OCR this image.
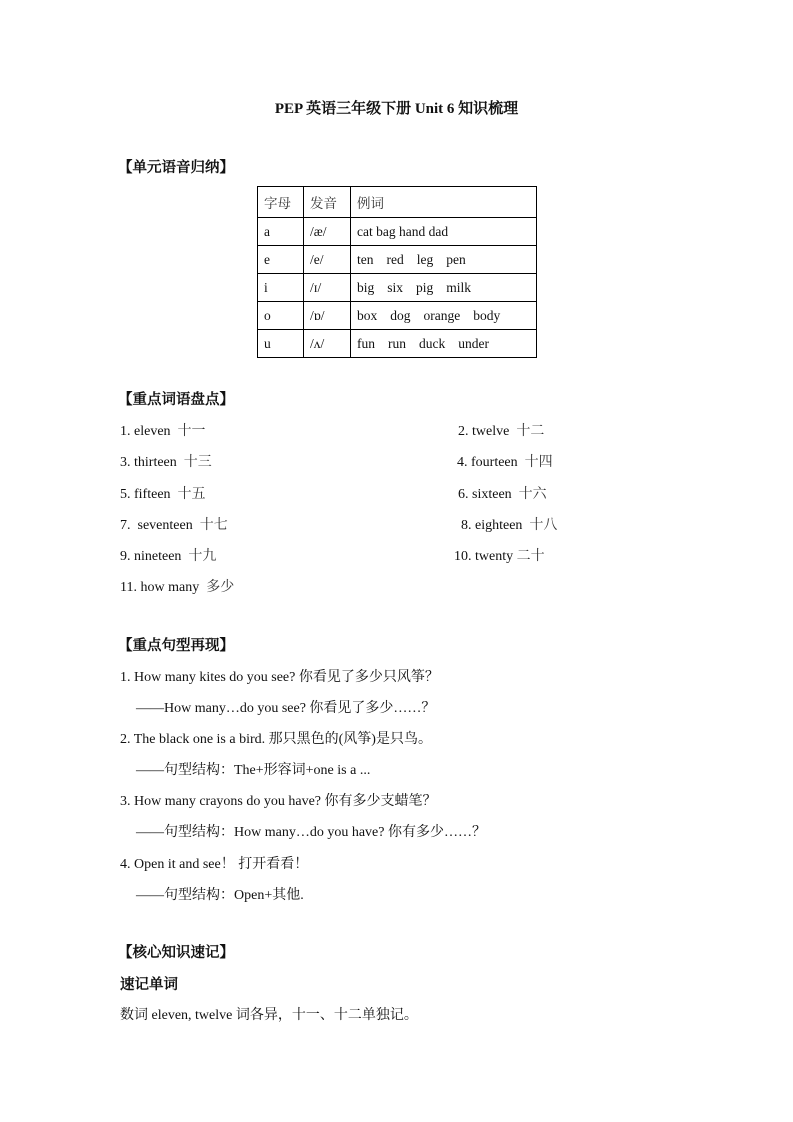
PEP 英语三年级下册 Unit 6 知识梳理
【单元语音归纳】
字母	发音	例词
a	/æ/	cat bag hand dad
e	/e/	ten red leg pen
i	/ɪ/	big six pig milk
o	/ɒ/	box dog orange body
u	/ʌ/	fun run duck under
【重点词语盘点】
1. eleven 十一	2. twelve 十二
3. thirteen 十三	4. fourteen 十四
5. fifteen 十五	6. sixteen 十六
7. seventeen 十七	8. eighteen 十八
9. nineteen 十九	10. twenty 二十
11. how many 多少
【重点句型再现】
1. How many kites do you see? 你看见了多少只风筝？
——How many…do you see? 你看见了多少……？
2. The black one is a bird. 那只黑色的(风筝)是只鸟。
——句型结构：The+形容词+one is a ...
3. How many crayons do you have? 你有多少支蜡笔？
——句型结构：How many…do you have? 你有多少……？
4. Open it and see！ 打开看看！
——句型结构：Open+其他.
【核心知识速记】
速记单词
数词 eleven, twelve 词各异，十一、十二单独记。
